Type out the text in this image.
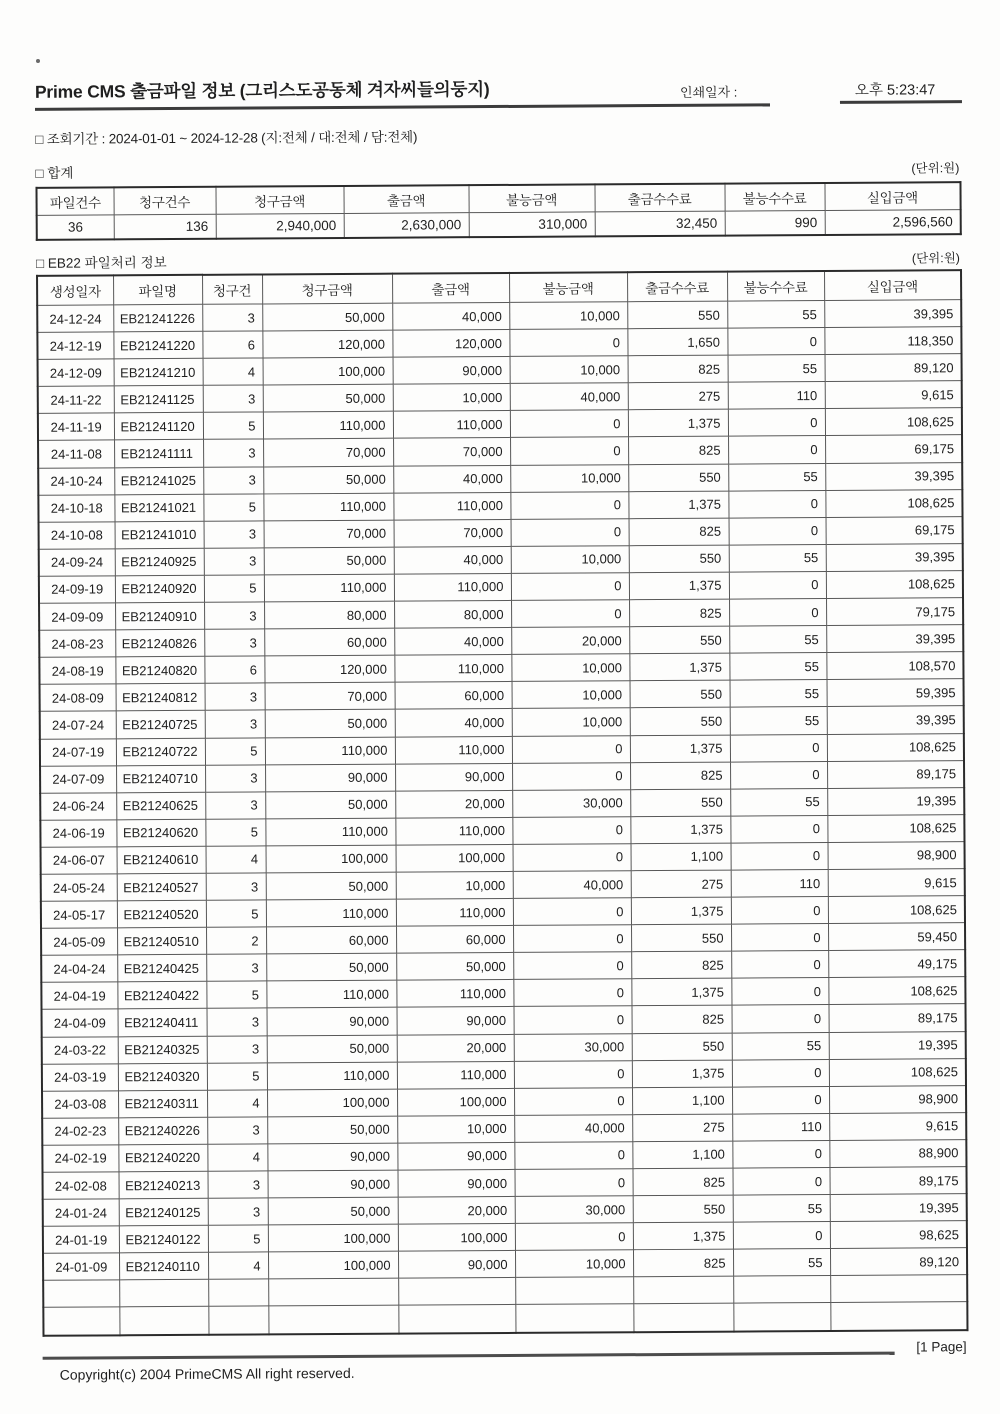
Prime CMS 출금파일 정보 (그리스도공동체 겨자씨들의둥지)	인쇄일자 :	오후 5:23:47
□ 조회기간 : 2024-01-01 ~ 2024-12-28 (지:전체 / 대:전체 / 담:전체)
□ 합계	(단위:원)
파일건수	청구건수	청구금액	출금액	불능금액	출금수수료	불능수수료	실입금액
36	136	2,940,000	2,630,000	310,000	32,450	990	2,596,560
□ EB22 파일처리 정보	(단위:원)
생성일자	파일명	청구건	청구금액	출금액	불능금액	출금수수료	불능수수료	실입금액
24-12-24	EB21241226	3	50,000	40,000	10,000	550	55	39,395
24-12-19	EB21241220	6	120,000	120,000	0	1,650	0	118,350
24-12-09	EB21241210	4	100,000	90,000	10,000	825	55	89,120
24-11-22	EB21241125	3	50,000	10,000	40,000	275	110	9,615
24-11-19	EB21241120	5	110,000	110,000	0	1,375	0	108,625
24-11-08	EB21241111	3	70,000	70,000	0	825	0	69,175
24-10-24	EB21241025	3	50,000	40,000	10,000	550	55	39,395
24-10-18	EB21241021	5	110,000	110,000	0	1,375	0	108,625
24-10-08	EB21241010	3	70,000	70,000	0	825	0	69,175
24-09-24	EB21240925	3	50,000	40,000	10,000	550	55	39,395
24-09-19	EB21240920	5	110,000	110,000	0	1,375	0	108,625
24-09-09	EB21240910	3	80,000	80,000	0	825	0	79,175
24-08-23	EB21240826	3	60,000	40,000	20,000	550	55	39,395
24-08-19	EB21240820	6	120,000	110,000	10,000	1,375	55	108,570
24-08-09	EB21240812	3	70,000	60,000	10,000	550	55	59,395
24-07-24	EB21240725	3	50,000	40,000	10,000	550	55	39,395
24-07-19	EB21240722	5	110,000	110,000	0	1,375	0	108,625
24-07-09	EB21240710	3	90,000	90,000	0	825	0	89,175
24-06-24	EB21240625	3	50,000	20,000	30,000	550	55	19,395
24-06-19	EB21240620	5	110,000	110,000	0	1,375	0	108,625
24-06-07	EB21240610	4	100,000	100,000	0	1,100	0	98,900
24-05-24	EB21240527	3	50,000	10,000	40,000	275	110	9,615
24-05-17	EB21240520	5	110,000	110,000	0	1,375	0	108,625
24-05-09	EB21240510	2	60,000	60,000	0	550	0	59,450
24-04-24	EB21240425	3	50,000	50,000	0	825	0	49,175
24-04-19	EB21240422	5	110,000	110,000	0	1,375	0	108,625
24-04-09	EB21240411	3	90,000	90,000	0	825	0	89,175
24-03-22	EB21240325	3	50,000	20,000	30,000	550	55	19,395
24-03-19	EB21240320	5	110,000	110,000	0	1,375	0	108,625
24-03-08	EB21240311	4	100,000	100,000	0	1,100	0	98,900
24-02-23	EB21240226	3	50,000	10,000	40,000	275	110	9,615
24-02-19	EB21240220	4	90,000	90,000	0	1,100	0	88,900
24-02-08	EB21240213	3	90,000	90,000	0	825	0	89,175
24-01-24	EB21240125	3	50,000	20,000	30,000	550	55	19,395
24-01-19	EB21240122	5	100,000	100,000	0	1,375	0	98,625
24-01-09	EB21240110	4	100,000	90,000	10,000	825	55	89,120

[1 Page]
Copyright(c) 2004 PrimeCMS All right reserved.
